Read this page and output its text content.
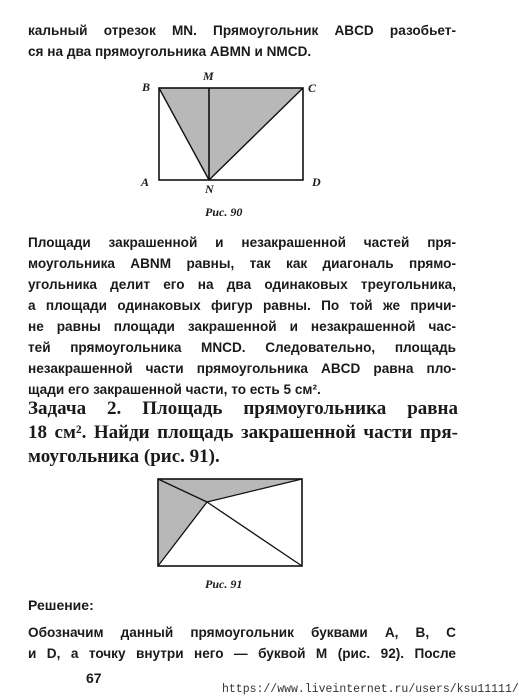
кальный отрезок MN. Прямоугольник ABCD разобьет-
ся на два прямоугольника ABMN и NMCD.
B
M
C
A	N	D
Рис. 90
Площади закрашенной и незакрашенной частей пря-
моугольника ABNM равны, так как диагональ прямо-
угольника делит его на два одинаковых треугольника,
а площади одинаковых фигур равны. По той же причи-
не равны площади закрашенной и незакрашенной час-
тей прямоугольника MNCD. Следовательно, площадь
незакрашенной части прямоугольника ABCD равна пло-
щади его закрашенной части, то есть 5 см².
Задача 2. Площадь прямоугольника равна
18 см². Найди площадь закрашенной части пря-
моугольника (рис. 91).
Рис. 91
Решение:
Обозначим данный прямоугольник буквами A, B, C
и D, а точку внутри него — буквой M (рис. 92). После
67
https://www.liveinternet.ru/users/ksu11111/
